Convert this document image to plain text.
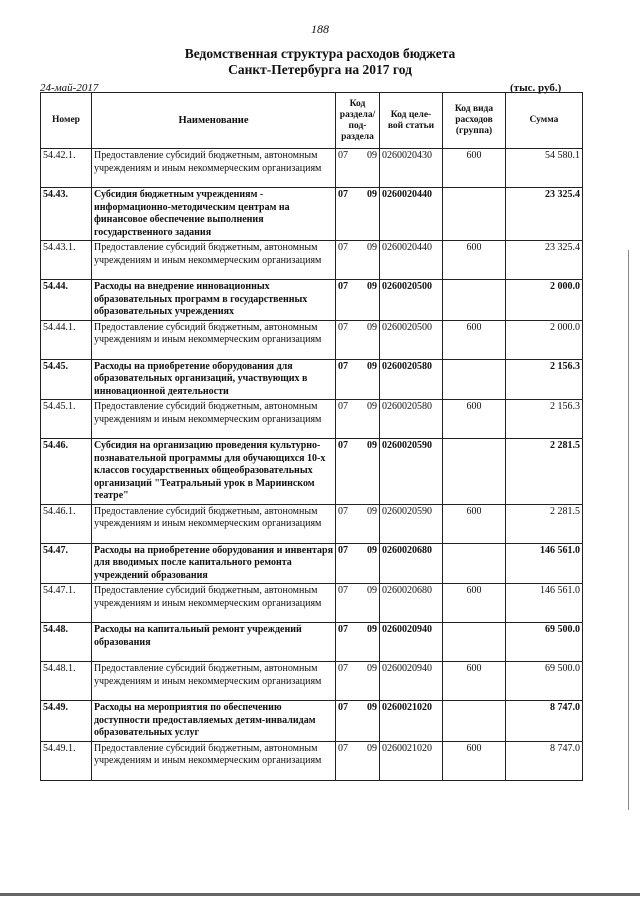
188
Ведомственная структура расходов бюджета
Санкт-Петербурга на 2017 год
24-май-2017	(тыс. руб.)
Номер	Наименование	Код раздела/ под- раздела	Код целе- вой статьи	Код вида расходов (группа)	Сумма
54.42.1.	Предоставление субсидий бюджетным, автономным учреждениям и иным некоммерческим организациям	07 09	0260020430	600	54 580.1
54.43.	Субсидия бюджетным учреждениям - информационно-методическим центрам на финансовое обеспечение выполнения государственного задания	07 09	0260020440		23 325.4
54.43.1.	Предоставление субсидий бюджетным, автономным учреждениям и иным некоммерческим организациям	07 09	0260020440	600	23 325.4
54.44.	Расходы на внедрение инновационных образовательных программ в государственных образовательных учреждениях	07 09	0260020500		2 000.0
54.44.1.	Предоставление субсидий бюджетным, автономным учреждениям и иным некоммерческим организациям	07 09	0260020500	600	2 000.0
54.45.	Расходы на приобретение оборудования для образовательных организаций, участвующих в инновационной деятельности	07 09	0260020580		2 156.3
54.45.1.	Предоставление субсидий бюджетным, автономным учреждениям и иным некоммерческим организациям	07 09	0260020580	600	2 156.3
54.46.	Субсидия на организацию проведения культурно-познавательной программы для обучающихся 10-х классов государственных общеобразовательных организаций "Театральный урок в Мариинском театре"	07 09	0260020590		2 281.5
54.46.1.	Предоставление субсидий бюджетным, автономным учреждениям и иным некоммерческим организациям	07 09	0260020590	600	2 281.5
54.47.	Расходы на приобретение оборудования и инвентаря для вводимых после капитального ремонта учреждений образования	07 09	0260020680		146 561.0
54.47.1.	Предоставление субсидий бюджетным, автономным учреждениям и иным некоммерческим организациям	07 09	0260020680	600	146 561.0
54.48.	Расходы на капитальный ремонт учреждений образования	07 09	0260020940		69 500.0
54.48.1.	Предоставление субсидий бюджетным, автономным учреждениям и иным некоммерческим организациям	07 09	0260020940	600	69 500.0
54.49.	Расходы на мероприятия по обеспечению доступности предоставляемых детям-инвалидам образовательных услуг	07 09	0260021020		8 747.0
54.49.1.	Предоставление субсидий бюджетным, автономным учреждениям и иным некоммерческим организациям	07 09	0260021020	600	8 747.0
